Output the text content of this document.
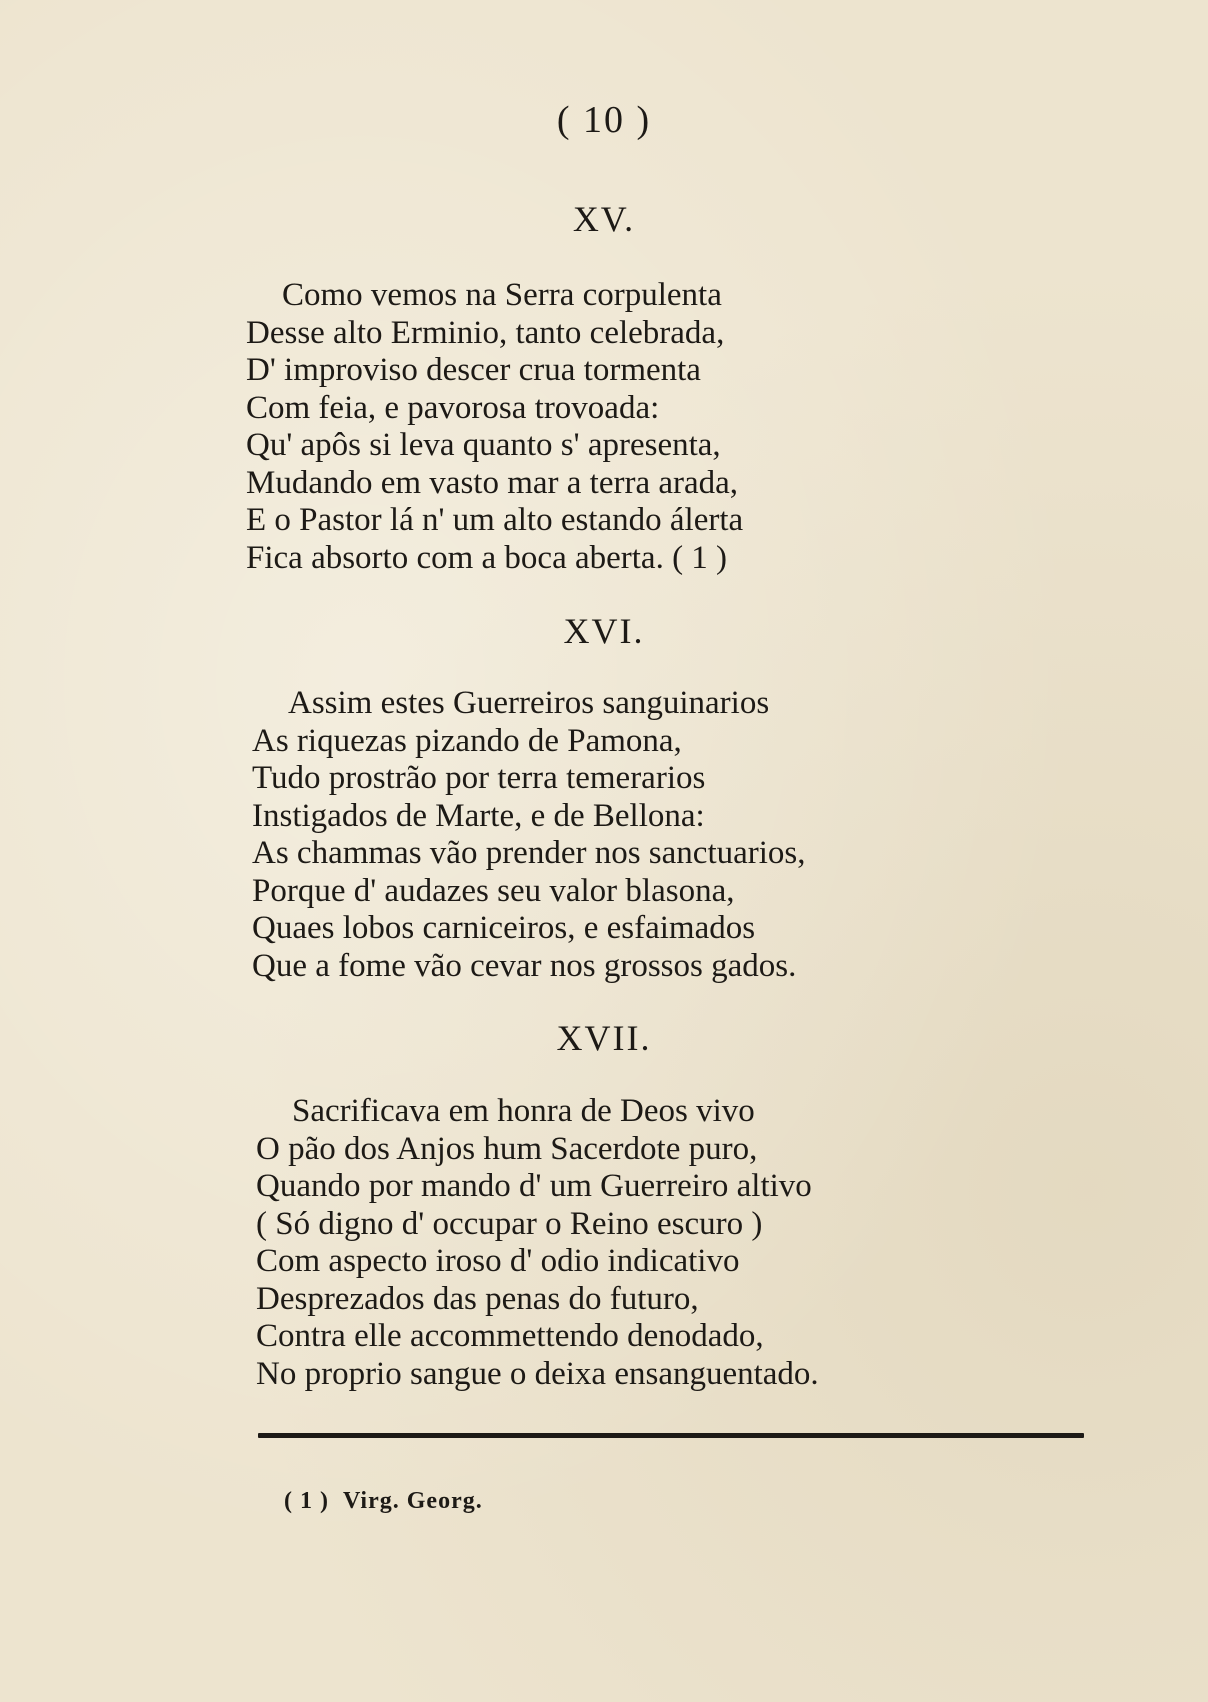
( 10 )
XV.
Como vemos na Serra corpulenta
Desse alto Erminio, tanto celebrada,
D' improviso descer crua tormenta
Com feia, e pavorosa trovoada:
Qu' apôs si leva quanto s' apresenta,
Mudando em vasto mar a terra arada,
E o Pastor lá n' um alto estando álerta
Fica absorto com a boca aberta. ( 1 )
XVI.
Assim estes Guerreiros sanguinarios
As riquezas pizando de Pamona,
Tudo prostrão por terra temerarios
Instigados de Marte, e de Bellona:
As chammas vão prender nos sanctuarios,
Porque d' audazes seu valor blasona,
Quaes lobos carniceiros, e esfaimados
Que a fome vão cevar nos grossos gados.
XVII.
Sacrificava em honra de Deos vivo
O pão dos Anjos hum Sacerdote puro,
Quando por mando d' um Guerreiro altivo
( Só digno d' occupar o Reino escuro )
Com aspecto iroso d' odio indicativo
Desprezados das penas do futuro,
Contra elle accommettendo denodado,
No proprio sangue o deixa ensanguentado.
( 1 ) Virg. Georg.
